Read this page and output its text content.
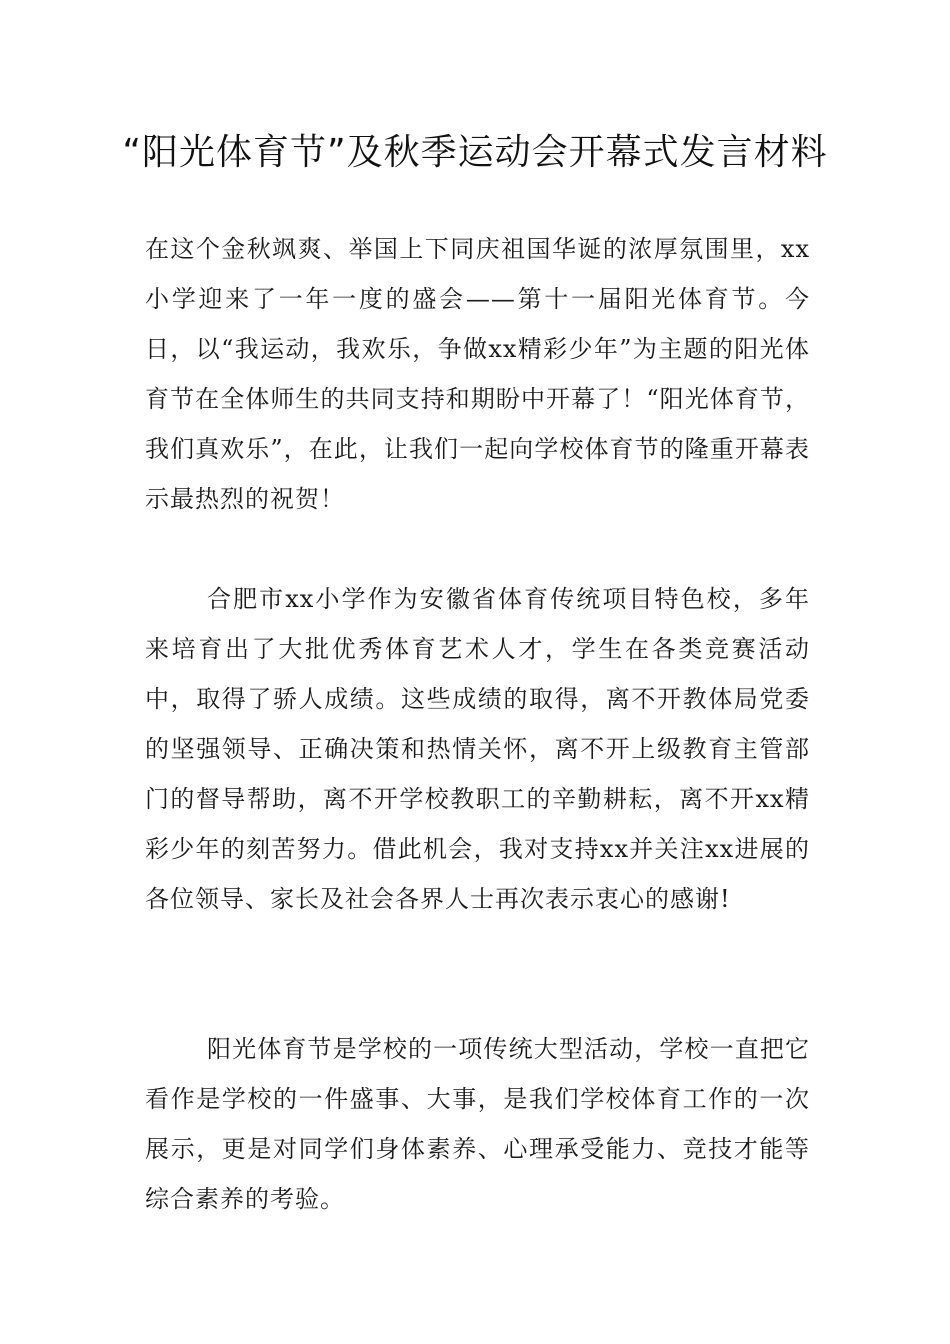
“阳光体育节”及秋季运动会开幕式发言材料

在这个金秋飒爽、举国上下同庆祖国华诞的浓厚氛围里，xx小学迎来了一年一度的盛会——第十一届阳光体育节。今日，以“我运动，我欢乐，争做xx精彩少年”为主题的阳光体育节在全体师生的共同支持和期盼中开幕了！“阳光体育节，我们真欢乐”，在此，让我们一起向学校体育节的隆重开幕表示最热烈的祝贺！

合肥市xx小学作为安徽省体育传统项目特色校，多年来培育出了大批优秀体育艺术人才，学生在各类竞赛活动中，取得了骄人成绩。这些成绩的取得，离不开教体局党委的坚强领导、正确决策和热情关怀，离不开上级教育主管部门的督导帮助，离不开学校教职工的辛勤耕耘，离不开xx精彩少年的刻苦努力。借此机会，我对支持xx并关注xx进展的各位领导、家长及社会各界人士再次表示衷心的感谢!

阳光体育节是学校的一项传统大型活动，学校一直把它看作是学校的一件盛事、大事，是我们学校体育工作的一次展示，更是对同学们身体素养、心理承受能力、竞技才能等综合素养的考验。
